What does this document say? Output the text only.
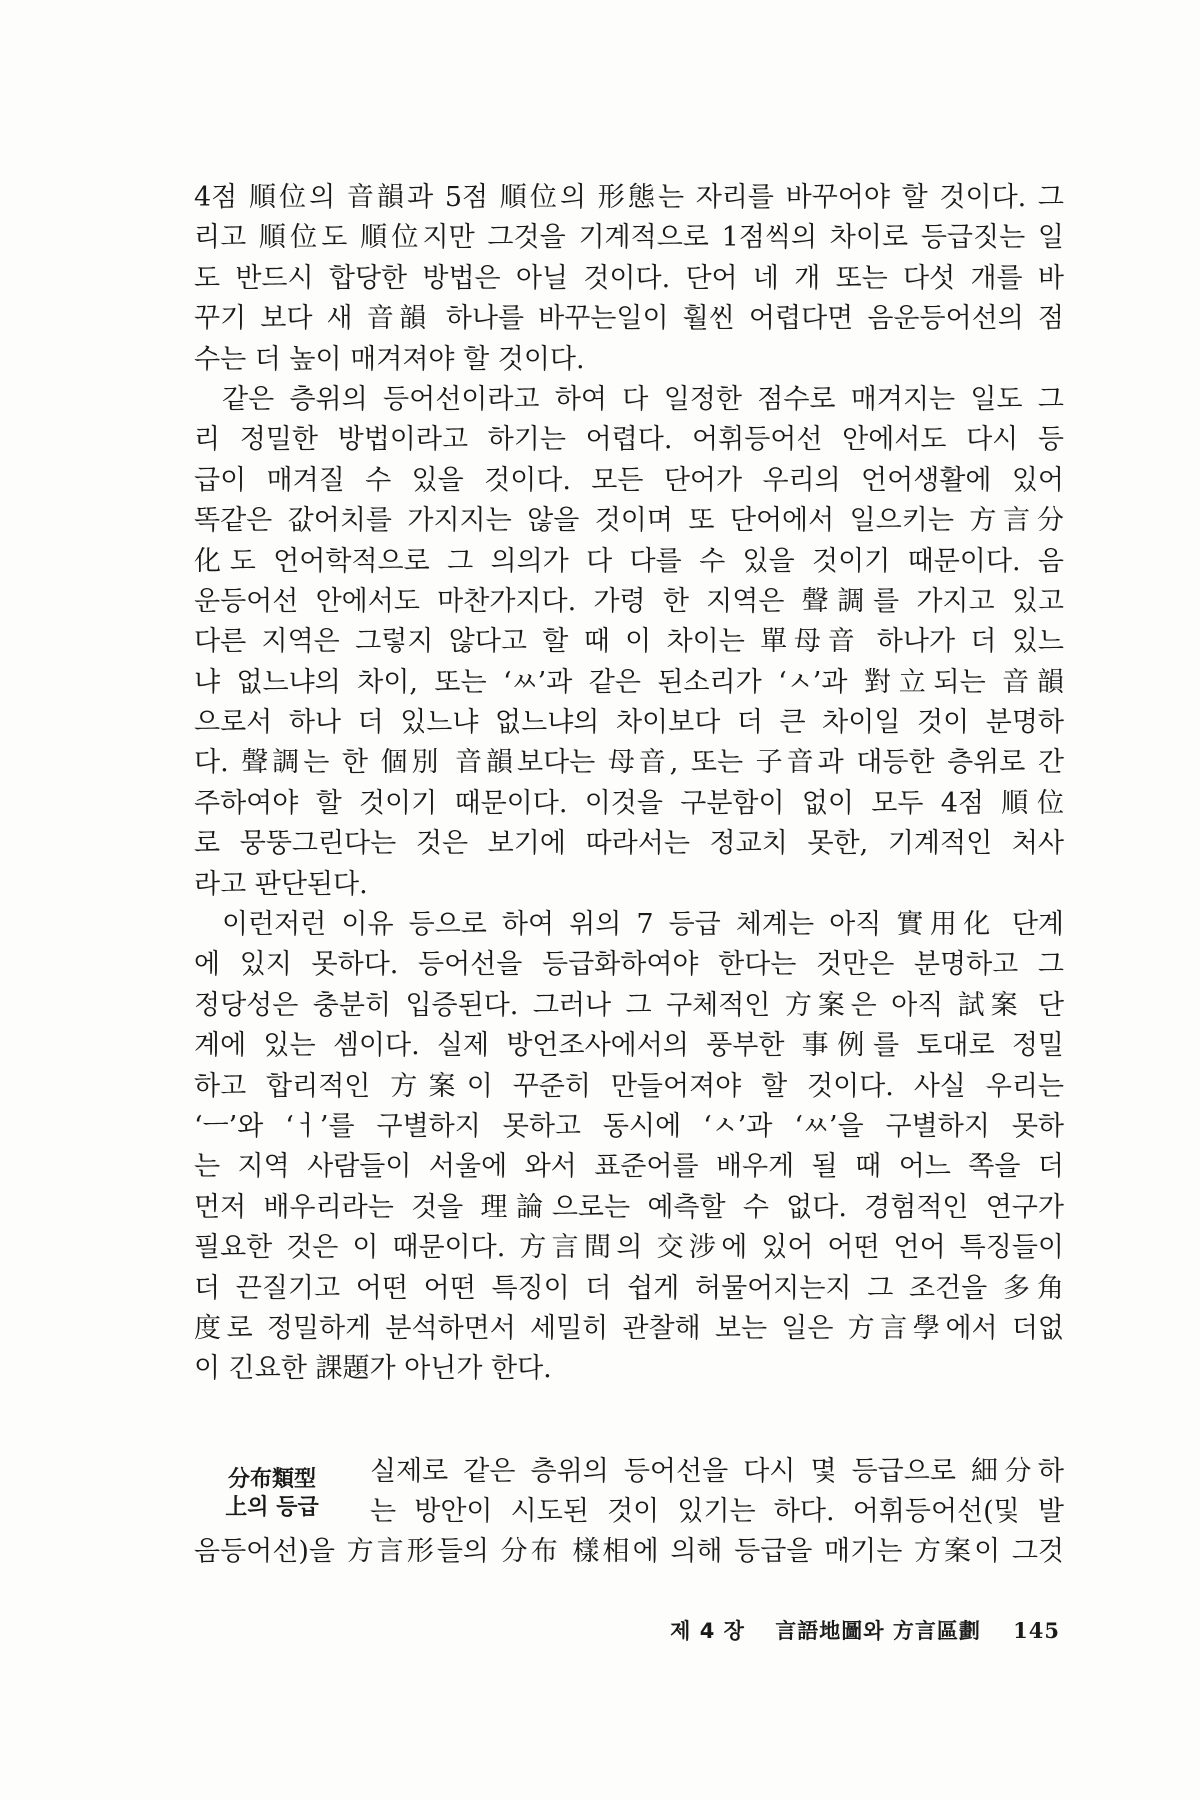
4점 順位의 音韻과 5점 順位의 形態는 자리를 바꾸어야 할 것이다. 그
리고 順位도 順位지만 그것을 기계적으로 1점씩의 차이로 등급짓는 일
도 반드시 합당한 방법은 아닐 것이다. 단어 네 개 또는 다섯 개를 바
꾸기 보다 새 音韻 하나를 바꾸는일이 훨씬 어렵다면 음운등어선의 점
수는 더 높이 매겨져야 할 것이다.
같은 층위의 등어선이라고 하여 다 일정한 점수로 매겨지는 일도 그
리 정밀한 방법이라고 하기는 어렵다. 어휘등어선 안에서도 다시 등
급이 매겨질 수 있을 것이다. 모든 단어가 우리의 언어생활에 있어
똑같은 값어치를 가지지는 않을 것이며 또 단어에서 일으키는 方言分
化도 언어학적으로 그 의의가 다 다를 수 있을 것이기 때문이다. 음
운등어선 안에서도 마찬가지다. 가령 한 지역은 聲調를 가지고 있고
다른 지역은 그렇지 않다고 할 때 이 차이는 單母音 하나가 더 있느
냐 없느냐의 차이, 또는 ‘ㅆ’과 같은 된소리가 ‘ㅅ’과 對立되는 音韻
으로서 하나 더 있느냐 없느냐의 차이보다 더 큰 차이일 것이 분명하
다. 聲調는 한 個別 音韻보다는 母音, 또는 子音과 대등한 층위로 간
주하여야 할 것이기 때문이다. 이것을 구분함이 없이 모두 4점 順位
로 뭉뚱그린다는 것은 보기에 따라서는 정교치 못한, 기계적인 처사
라고 판단된다.
이런저런 이유 등으로 하여 위의 7 등급 체계는 아직 實用化 단계
에 있지 못하다. 등어선을 등급화하여야 한다는 것만은 분명하고 그
정당성은 충분히 입증된다. 그러나 그 구체적인 方案은 아직 試案 단
계에 있는 셈이다. 실제 방언조사에서의 풍부한 事例를 토대로 정밀
하고 합리적인 方案이 꾸준히 만들어져야 할 것이다. 사실 우리는
‘ㅡ’와 ‘ㅓ’를 구별하지 못하고 동시에 ‘ㅅ’과 ‘ㅆ’을 구별하지 못하
는 지역 사람들이 서울에 와서 표준어를 배우게 될 때 어느 쪽을 더
먼저 배우리라는 것을 理論으로는 예측할 수 없다. 경험적인 연구가
필요한 것은 이 때문이다. 方言間의 交涉에 있어 어떤 언어 특징들이
더 끈질기고 어떤 어떤 특징이 더 쉽게 허물어지는지 그 조건을 多角
度로 정밀하게 분석하면서 세밀히 관찰해 보는 일은 方言學에서 더없
이 긴요한 課題가 아닌가 한다.
分布類型
上의 등급
실제로 같은 층위의 등어선을 다시 몇 등급으로 細分하
는 방안이 시도된 것이 있기는 하다. 어휘등어선(및 발
음등어선)을 方言形들의 分布 樣相에 의해 등급을 매기는 方案이 그것
제 4 장 言語地圖와 方言區劃 145
